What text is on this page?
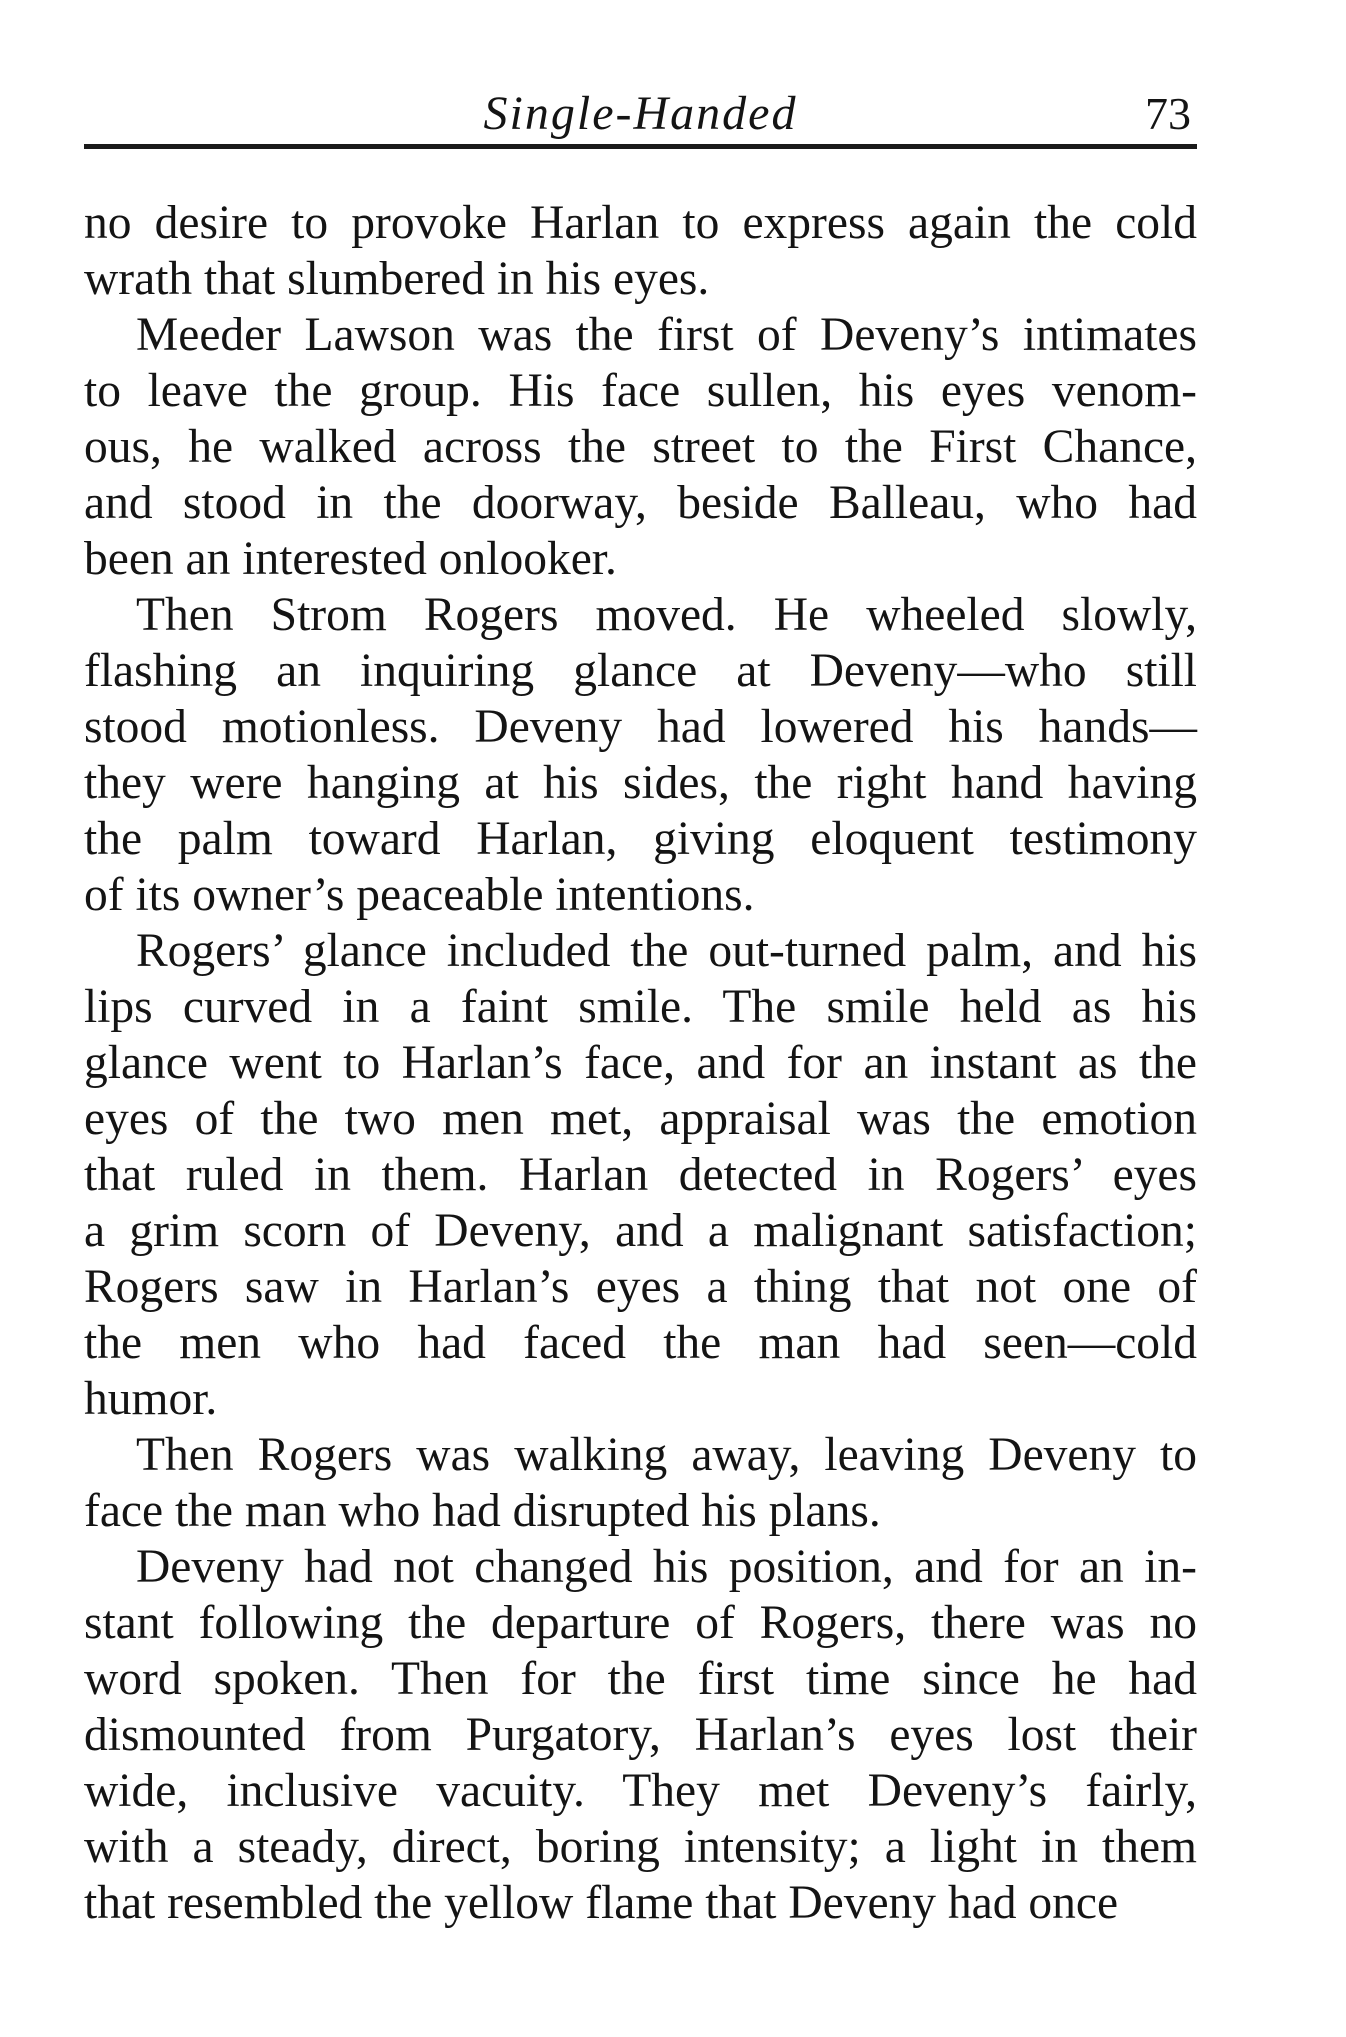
Single-Handed	73
no desire to provoke Harlan to express again the cold
wrath that slumbered in his eyes.
Meeder Lawson was the first of Deveny’s intimates
to leave the group. His face sullen, his eyes venom-
ous, he walked across the street to the First Chance,
and stood in the doorway, beside Balleau, who had
been an interested onlooker.
Then Strom Rogers moved. He wheeled slowly,
flashing an inquiring glance at Deveny—who still
stood motionless. Deveny had lowered his hands—
they were hanging at his sides, the right hand having
the palm toward Harlan, giving eloquent testimony
of its owner’s peaceable intentions.
Rogers’ glance included the out-turned palm, and his
lips curved in a faint smile. The smile held as his
glance went to Harlan’s face, and for an instant as the
eyes of the two men met, appraisal was the emotion
that ruled in them. Harlan detected in Rogers’ eyes
a grim scorn of Deveny, and a malignant satisfaction;
Rogers saw in Harlan’s eyes a thing that not one of
the men who had faced the man had seen—cold
humor.
Then Rogers was walking away, leaving Deveny to
face the man who had disrupted his plans.
Deveny had not changed his position, and for an in-
stant following the departure of Rogers, there was no
word spoken. Then for the first time since he had
dismounted from Purgatory, Harlan’s eyes lost their
wide, inclusive vacuity. They met Deveny’s fairly,
with a steady, direct, boring intensity; a light in them
that resembled the yellow flame that Deveny had once
